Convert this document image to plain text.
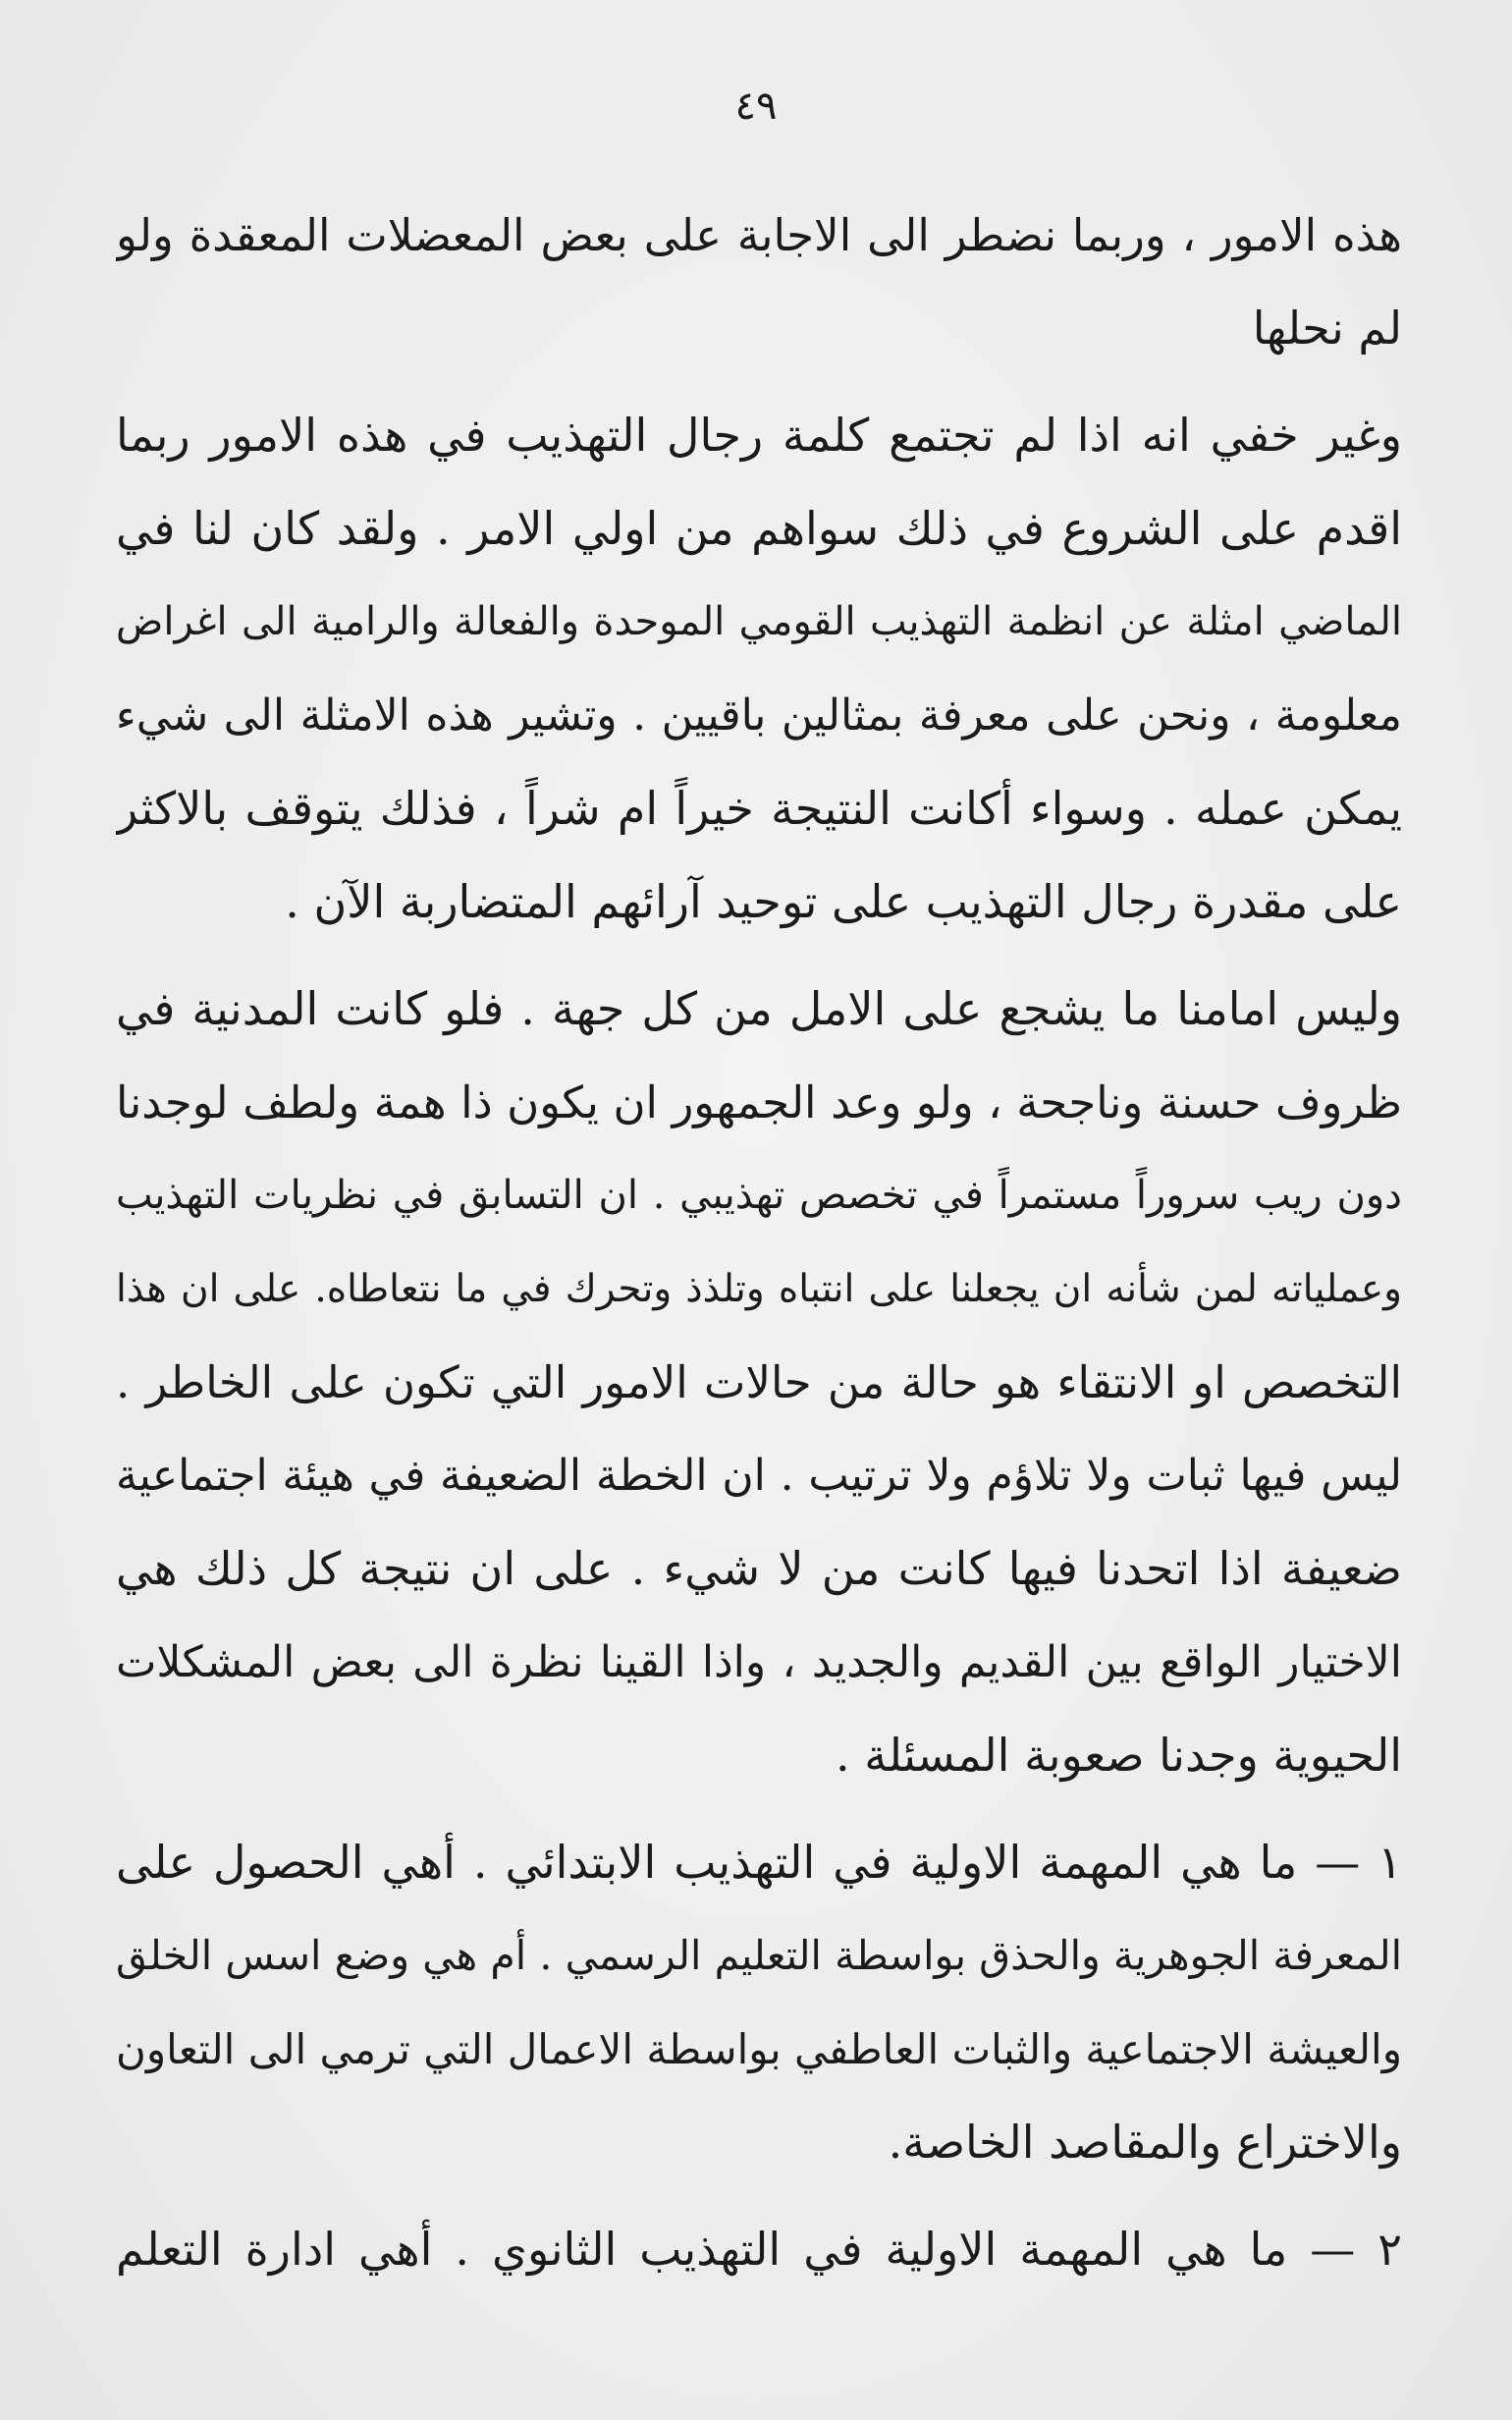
٤٩
هذه الامور ، وربما نضطر الى الاجابة على بعض المعضلات المعقدة ولو
لم نحلها
وغير خفي انه اذا لم تجتمع كلمة رجال التهذيب في هذه الامور ربما
اقدم على الشروع في ذلك سواهم من اولي الامر . ولقد كان لنا في
الماضي امثلة عن انظمة التهذيب القومي الموحدة والفعالة والرامية الى اغراض
معلومة ، ونحن على معرفة بمثالين باقيين . وتشير هذه الامثلة الى شيء
يمكن عمله . وسواء أكانت النتيجة خيراً ام شراً ، فذلك يتوقف بالاكثر
على مقدرة رجال التهذيب على توحيد آرائهم المتضاربة الآن .
وليس امامنا ما يشجع على الامل من كل جهة . فلو كانت المدنية في
ظروف حسنة وناجحة ، ولو وعد الجمهور ان يكون ذا همة ولطف لوجدنا
دون ريب سروراً مستمراً في تخصص تهذيبي . ان التسابق في نظريات التهذيب
وعملياته لمن شأنه ان يجعلنا على انتباه وتلذذ وتحرك في ما نتعاطاه. على ان هذا
التخصص او الانتقاء هو حالة من حالات الامور التي تكون على الخاطر .
ليس فيها ثبات ولا تلاؤم ولا ترتيب . ان الخطة الضعيفة في هيئة اجتماعية
ضعيفة اذا اتحدنا فيها كانت من لا شيء . على ان نتيجة كل ذلك هي
الاختيار الواقع بين القديم والجديد ، واذا القينا نظرة الى بعض المشكلات
الحيوية وجدنا صعوبة المسئلة .
١ — ما هي المهمة الاولية في التهذيب الابتدائي . أهي الحصول على
المعرفة الجوهرية والحذق بواسطة التعليم الرسمي . أم هي وضع اسس الخلق
والعيشة الاجتماعية والثبات العاطفي بواسطة الاعمال التي ترمي الى التعاون
والاختراع والمقاصد الخاصة.
٢ — ما هي المهمة الاولية في التهذيب الثانوي . أهي ادارة التعلم
